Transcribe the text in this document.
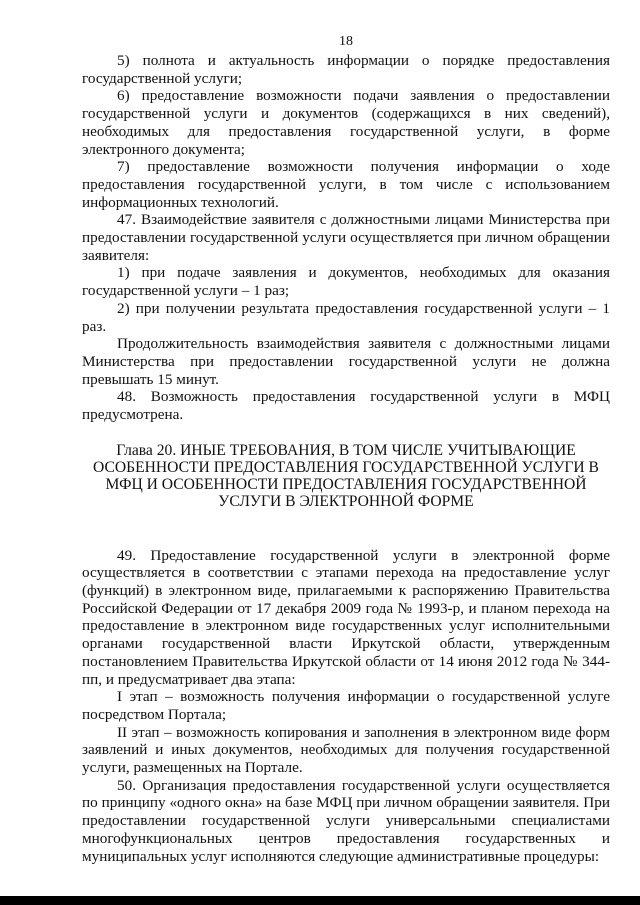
18

5) полнота и актуальность информации о порядке предоставления государственной услуги;

6) предоставление возможности подачи заявления о предоставлении государственной услуги и документов (содержащихся в них сведений), необходимых для предоставления государственной услуги, в форме электронного документа;

7) предоставление возможности получения информации о ходе предоставления государственной услуги, в том числе с использованием информационных технологий.

47. Взаимодействие заявителя с должностными лицами Министерства при предоставлении государственной услуги осуществляется при личном обращении заявителя:

1) при подаче заявления и документов, необходимых для оказания государственной услуги – 1 раз;

2) при получении результата предоставления государственной услуги – 1 раз.

Продолжительность взаимодействия заявителя с должностными лицами Министерства при предоставлении государственной услуги не должна превышать 15 минут.

48. Возможность предоставления государственной услуги в МФЦ предусмотрена.

Глава 20. ИНЫЕ ТРЕБОВАНИЯ, В ТОМ ЧИСЛЕ УЧИТЫВАЮЩИЕ ОСОБЕННОСТИ ПРЕДОСТАВЛЕНИЯ ГОСУДАРСТВЕННОЙ УСЛУГИ В МФЦ И ОСОБЕННОСТИ ПРЕДОСТАВЛЕНИЯ ГОСУДАРСТВЕННОЙ УСЛУГИ В ЭЛЕКТРОННОЙ ФОРМЕ

49. Предоставление государственной услуги в электронной форме осуществляется в соответствии с этапами перехода на предоставление услуг (функций) в электронном виде, прилагаемыми к распоряжению Правительства Российской Федерации от 17 декабря 2009 года № 1993-р, и планом перехода на предоставление в электронном виде государственных услуг исполнительными органами государственной власти Иркутской области, утвержденным постановлением Правительства Иркутской области от 14 июня 2012 года № 344-пп, и предусматривает два этапа:

I этап – возможность получения информации о государственной услуге посредством Портала;

II этап – возможность копирования и заполнения в электронном виде форм заявлений и иных документов, необходимых для получения государственной услуги, размещенных на Портале.

50. Организация предоставления государственной услуги осуществляется по принципу «одного окна» на базе МФЦ при личном обращении заявителя. При предоставлении государственной услуги универсальными специалистами многофункциональных центров предоставления государственных и муниципальных услуг исполняются следующие административные процедуры:
